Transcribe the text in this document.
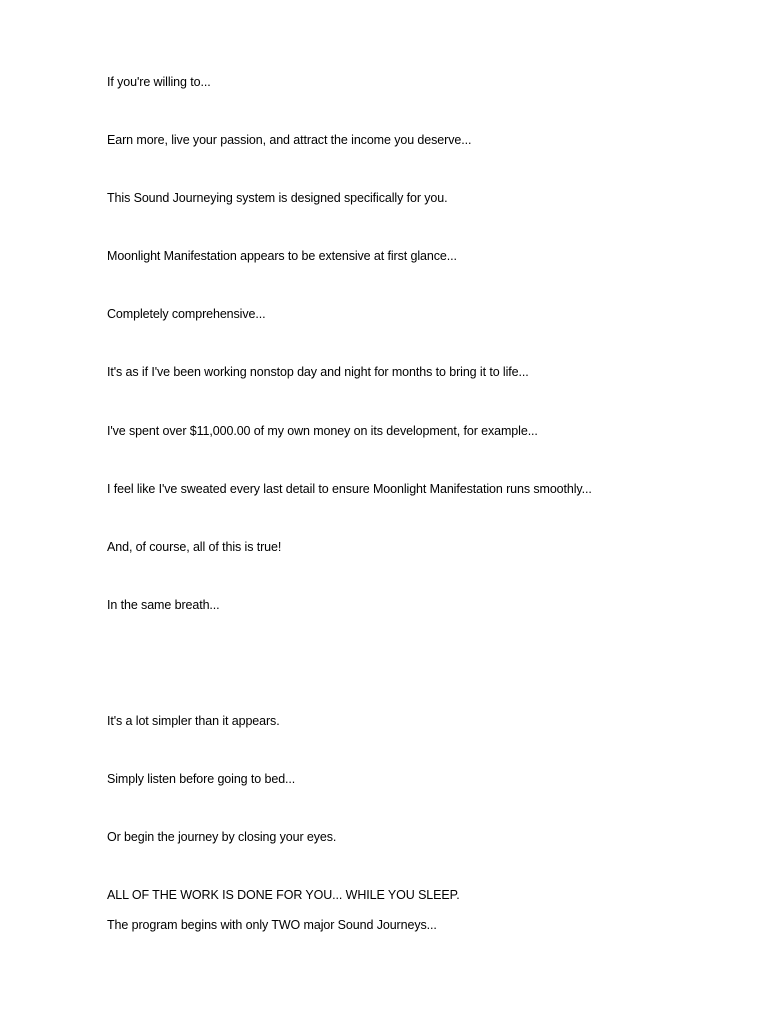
If you're willing to...

Earn more, live your passion, and attract the income you deserve...

This Sound Journeying system is designed specifically for you.

Moonlight Manifestation appears to be extensive at first glance...

Completely comprehensive...

It's as if I've been working nonstop day and night for months to bring it to life...

I've spent over $11,000.00 of my own money on its development, for example...

I feel like I've sweated every last detail to ensure Moonlight Manifestation runs smoothly...

And, of course, all of this is true!

In the same breath...

It's a lot simpler than it appears.

Simply listen before going to bed...

Or begin the journey by closing your eyes.

ALL OF THE WORK IS DONE FOR YOU... WHILE YOU SLEEP.

The program begins with only TWO major Sound Journeys...
